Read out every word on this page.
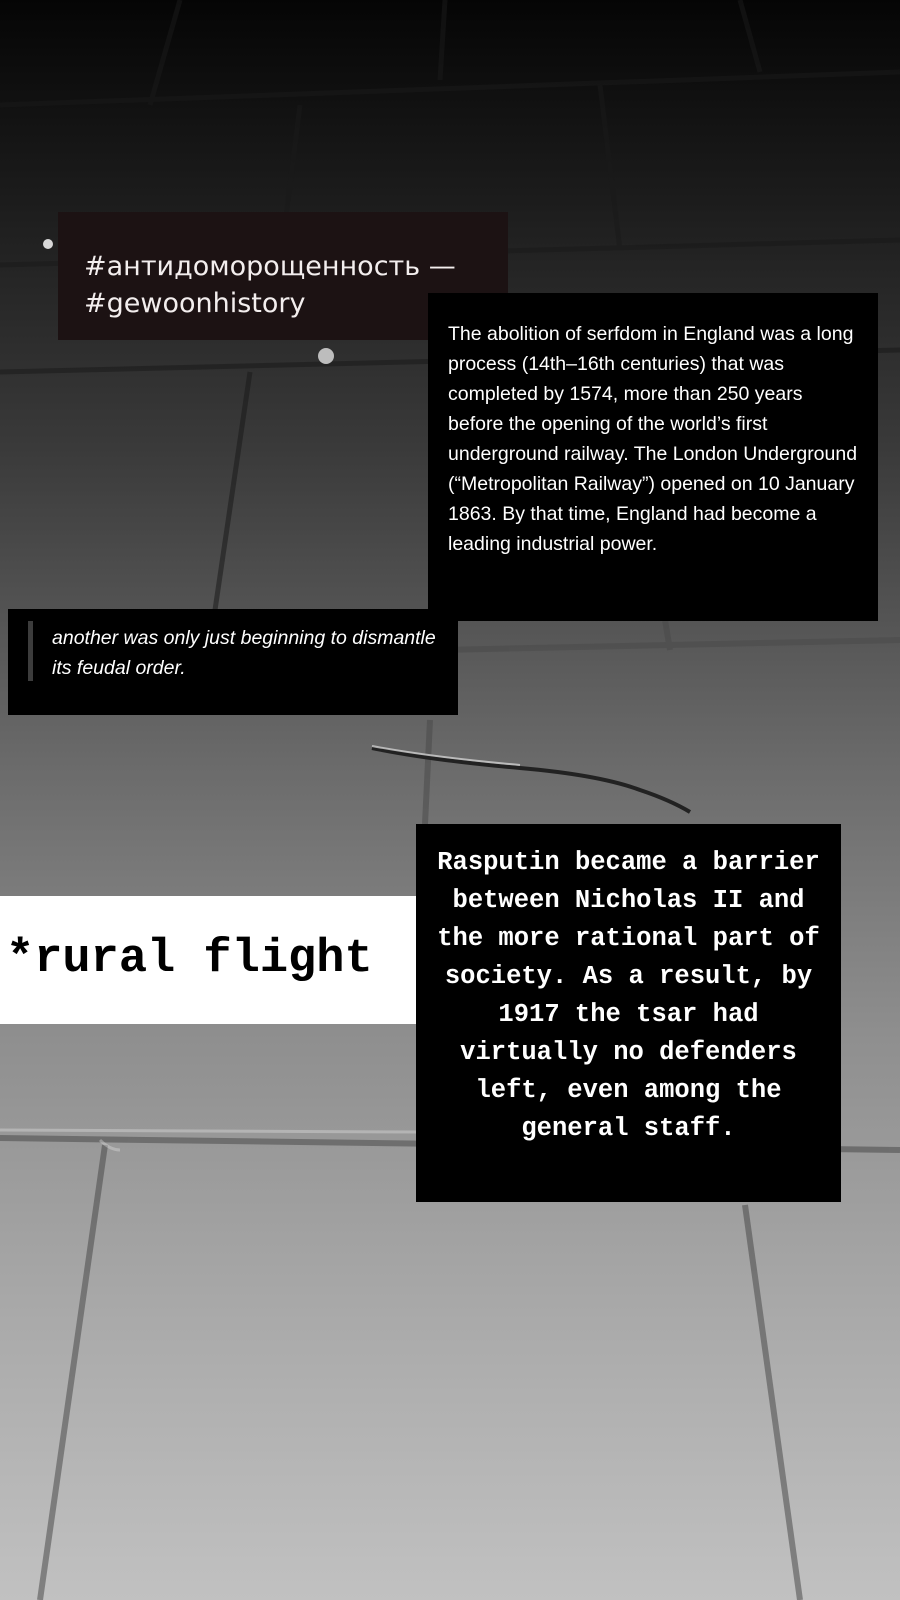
#антидоморощенность —
#gewoonhistory
The abolition of serfdom in England was a long process (14th–16th centuries) that was completed by 1574, more than 250 years before the opening of the world’s first underground railway. The London Underground (“Metropolitan Railway”) opened on 10 January 1863. By that time, England had become a leading industrial power.
another was only just beginning to dismantle its feudal order.
*rural flight
Rasputin became a barrier between Nicholas II and the more rational part of society. As a result, by 1917 the tsar had virtually no defenders left, even among the general staff.
